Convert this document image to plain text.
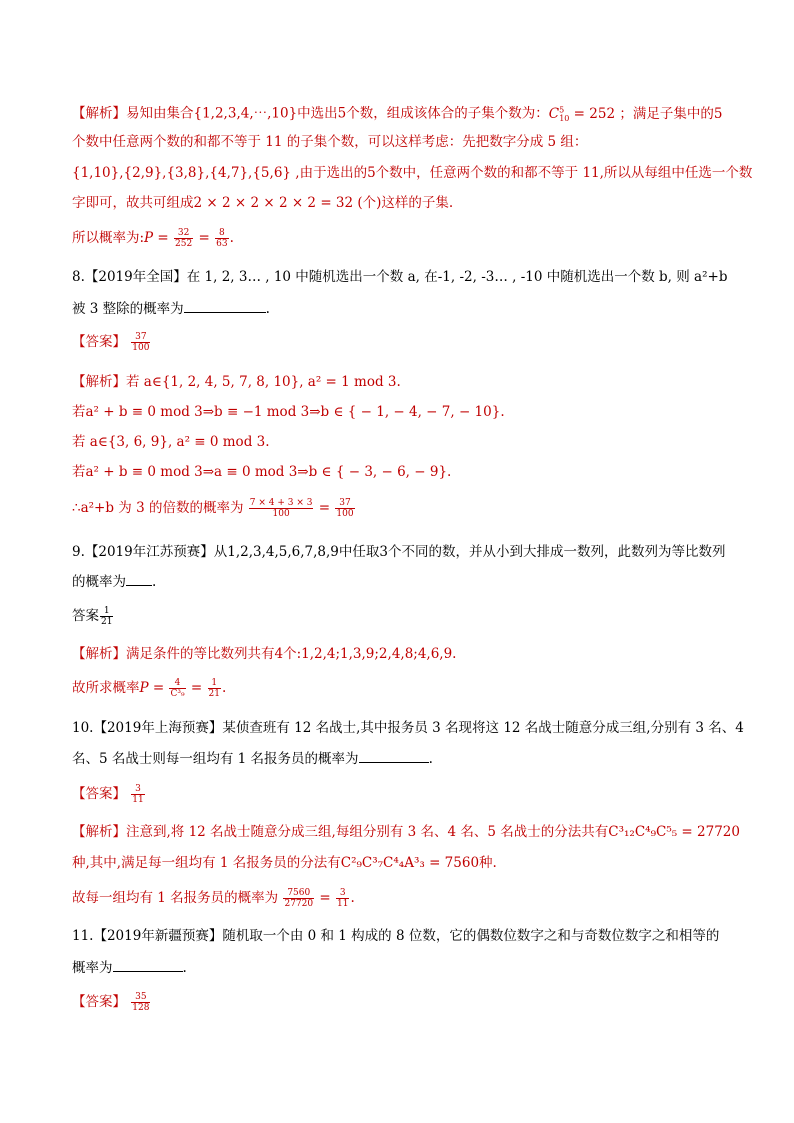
【解析】易知由集合{1,2,3,4,⋯,10}中选出5个数，组成该体合的子集个数为：$C^5_{10} = 252$ ；满足子集中的5
个数中任意两个数的和都不等于 11 的子集个数，可以这样考虑：先把数字分成 5 组：
{1,10},{2,9},{3,8},{4,7},{5,6} ,由于选出的5个数中，任意两个数的和都不等于 11,所以从每组中任选一个数
字即可，故共可组成2 × 2 × 2 × 2 × 2 = 32 (个)这样的子集.
所以概率为:𝑃 = $\frac{32}{252} = \frac{8}{63}$ .
8.【2019年全国】在 1, 2, 3… , 10 中随机选出一个数 a, 在-1, -2, -3… , -10 中随机选出一个数 b, 则 a²+b
被 3 整除的概率为	.
【答案】 $\frac{37}{100}$
【解析】若 a∈{1, 2, 4, 5, 7, 8, 10}, a² = 1 mod 3.
若a² + b ≡ 0 mod 3⇒b ≡ −1 mod 3⇒b ∈ { − 1, − 4, − 7, − 10}.
若 a∈{3, 6, 9}, a² ≡ 0 mod 3.
若a² + b ≡ 0 mod 3⇒a ≡ 0 mod 3⇒b ∈ { − 3, − 6, − 9}.
∴a²+b 为 3 的倍数的概率为 $\frac{7 \times 4 + 3 \times 3}{100} = \frac{37}{100}$
9.【2019年江苏预赛】从1,2,3,4,5,6,7,8,9中任取3个不同的数，并从小到大排成一数列，此数列为等比数列
的概率为 .
答案 $\frac{1}{21}$
【解析】满足条件的等比数列共有4个:1,2,4;1,3,9;2,4,8;4,6,9.
故所求概率𝑃 = $\frac{4}{\text{C³₉}} = \frac{1}{21}$ .
10.【2019年上海预赛】某侦查班有 12 名战士,其中报务员 3 名现将这 12 名战士随意分成三组,分别有 3 名、4
名、5 名战士则每一组均有 1 名报务员的概率为	.
【答案】 $\frac{3}{11}$
【解析】注意到,将 12 名战士随意分成三组,每组分别有 3 名、4 名、5 名战士的分法共有C³₁₂C⁴₉C⁵₅ = 27720
种,其中,满足每一组均有 1 名报务员的分法有C²₉C³₇C⁴₄A³₃ = 7560种.
故每一组均有 1 名报务员的概率为 $\frac{7560}{27720} = \frac{3}{11}$ .
11.【2019年新疆预赛】随机取一个由 0 和 1 构成的 8 位数，它的偶数位数字之和与奇数位数字之和相等的
概率为	.
【答案】 $\frac{35}{128}$
